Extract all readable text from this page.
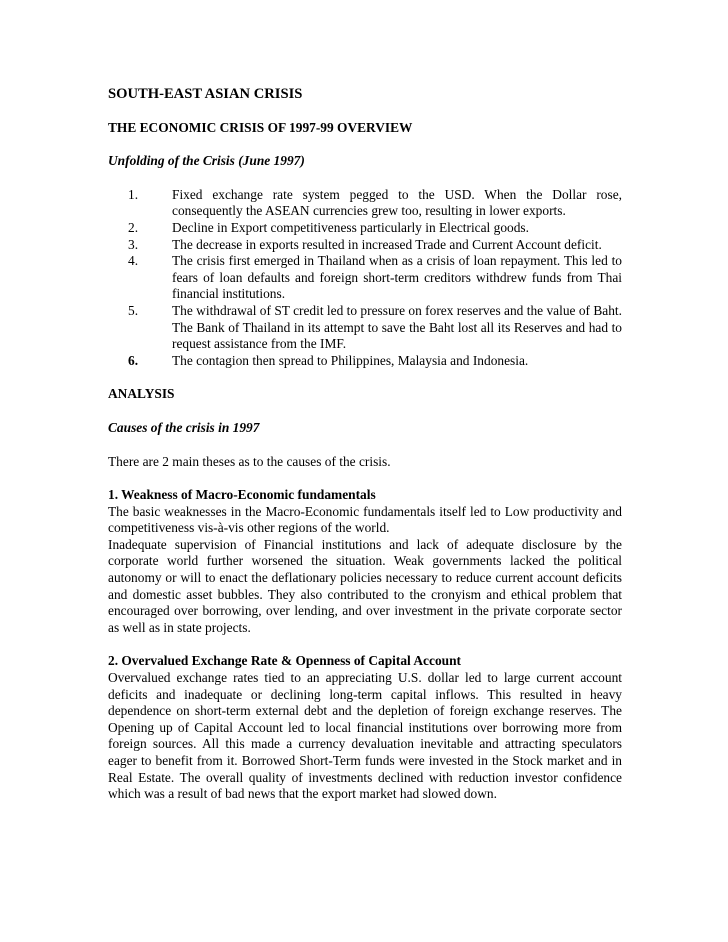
SOUTH-EAST ASIAN CRISIS
THE ECONOMIC CRISIS OF 1997-99 OVERVIEW
Unfolding of the Crisis (June 1997)
1.	Fixed exchange rate system pegged to the USD. When the Dollar rose, consequently the ASEAN currencies grew too, resulting in lower exports.
2.	Decline in Export competitiveness particularly in Electrical goods.
3.	The decrease in exports resulted in increased Trade and Current Account deficit.
4.	The crisis first emerged in Thailand when as a crisis of loan repayment. This led to fears of loan defaults and foreign short-term creditors withdrew funds from Thai financial institutions.
5.	The withdrawal of ST credit led to pressure on forex reserves and the value of Baht. The Bank of Thailand in its attempt to save the Baht lost all its Reserves and had to request assistance from the IMF.
6.	The contagion then spread to Philippines, Malaysia and Indonesia.
ANALYSIS
Causes of the crisis in 1997

There are 2 main theses as to the causes of the crisis.

1. Weakness of Macro-Economic fundamentals

The basic weaknesses in the Macro-Economic fundamentals itself led to Low productivity and competitiveness vis-à-vis other regions of the world.

Inadequate supervision of Financial institutions and lack of adequate disclosure by the corporate world further worsened the situation. Weak governments lacked the political autonomy or will to enact the deflationary policies necessary to reduce current account deficits and domestic asset bubbles. They also contributed to the cronyism and ethical problem that encouraged over borrowing, over lending, and over investment in the private corporate sector as well as in state projects.

2. Overvalued Exchange Rate & Openness of Capital Account

Overvalued exchange rates tied to an appreciating U.S. dollar led to large current account deficits and inadequate or declining long-term capital inflows. This resulted in heavy dependence on short-term external debt and the depletion of foreign exchange reserves. The Opening up of Capital Account led to local financial institutions over borrowing more from foreign sources. All this made a currency devaluation inevitable and attracting speculators eager to benefit from it. Borrowed Short-Term funds were invested in the Stock market and in Real Estate. The overall quality of investments declined with reduction investor confidence which was a result of bad news that the export market had slowed down.
